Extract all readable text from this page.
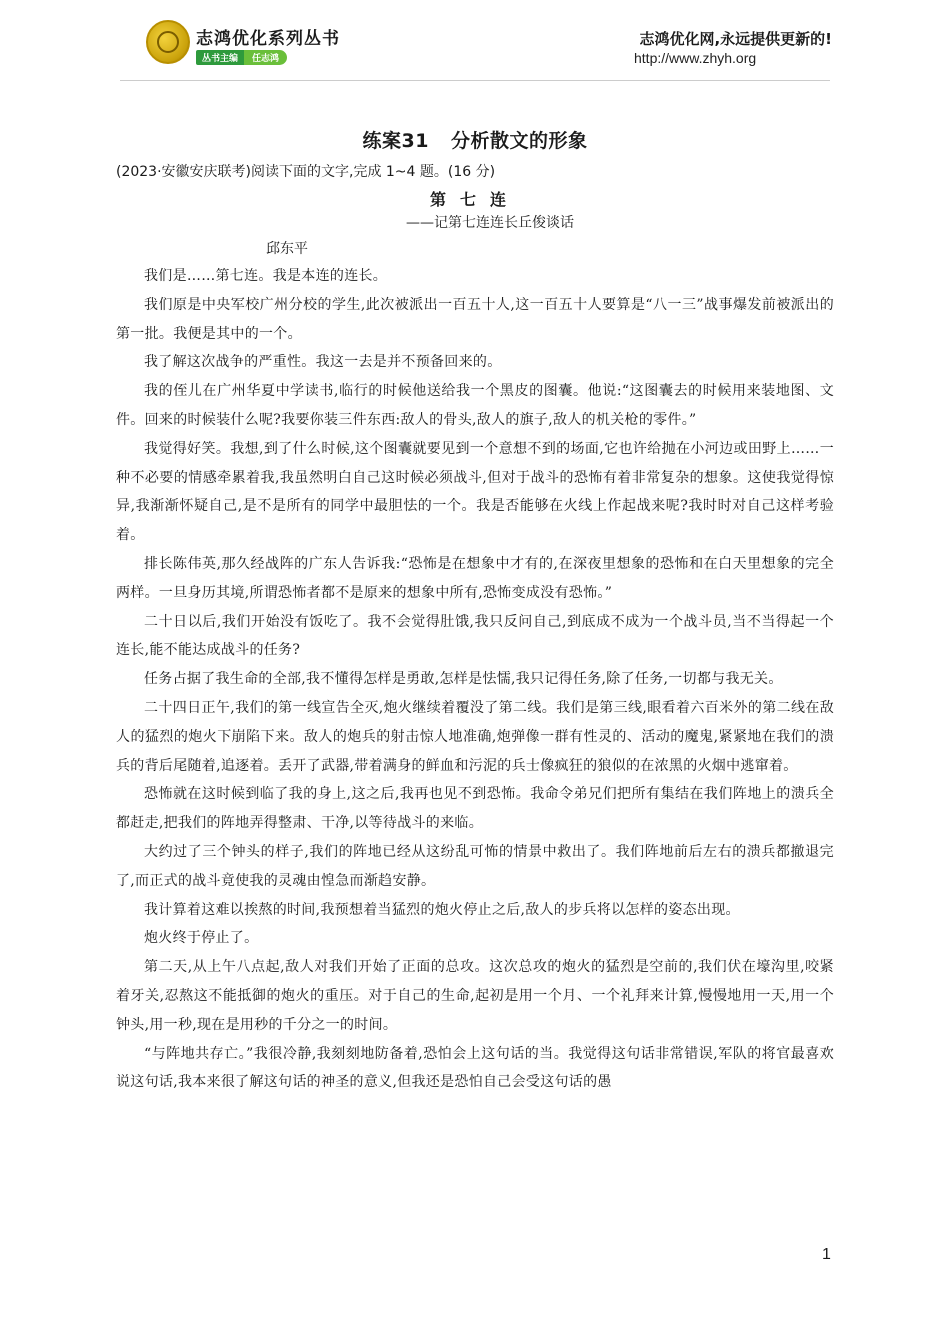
志鸿优化系列丛书
丛书主编	任志鸿
志鸿优化网,永远提供更新的!
http://www.zhyh.org
练案31 分析散文的形象

(2023·安徽安庆联考)阅读下面的文字,完成 1~4 题。(16 分)

第七连

——记第七连连长丘俊谈话

邱东平

我们是……第七连。我是本连的连长。

我们原是中央军校广州分校的学生,此次被派出一百五十人,这一百五十人要算是“八一三”战事爆发前被派出的第一批。我便是其中的一个。

我了解这次战争的严重性。我这一去是并不预备回来的。

我的侄儿在广州华夏中学读书,临行的时候他送给我一个黑皮的图囊。他说:“这图囊去的时候用来装地图、文件。回来的时候装什么呢?我要你装三件东西:敌人的骨头,敌人的旗子,敌人的机关枪的零件。”

我觉得好笑。我想,到了什么时候,这个图囊就要见到一个意想不到的场面,它也许给抛在小河边或田野上……一种不必要的情感牵累着我,我虽然明白自己这时候必须战斗,但对于战斗的恐怖有着非常复杂的想象。这使我觉得惊异,我渐渐怀疑自己,是不是所有的同学中最胆怯的一个。我是否能够在火线上作起战来呢?我时时对自己这样考验着。

排长陈伟英,那久经战阵的广东人告诉我:“恐怖是在想象中才有的,在深夜里想象的恐怖和在白天里想象的完全两样。一旦身历其境,所谓恐怖者都不是原来的想象中所有,恐怖变成没有恐怖。”

二十日以后,我们开始没有饭吃了。我不会觉得肚饿,我只反问自己,到底成不成为一个战斗员,当不当得起一个连长,能不能达成战斗的任务?

任务占据了我生命的全部,我不懂得怎样是勇敢,怎样是怯懦,我只记得任务,除了任务,一切都与我无关。

二十四日正午,我们的第一线宣告全灭,炮火继续着覆没了第二线。我们是第三线,眼看着六百米外的第二线在敌人的猛烈的炮火下崩陷下来。敌人的炮兵的射击惊人地准确,炮弹像一群有性灵的、活动的魔鬼,紧紧地在我们的溃兵的背后尾随着,追逐着。丢开了武器,带着满身的鲜血和污泥的兵士像疯狂的狼似的在浓黑的火烟中逃窜着。

恐怖就在这时候到临了我的身上,这之后,我再也见不到恐怖。我命令弟兄们把所有集结在我们阵地上的溃兵全都赶走,把我们的阵地弄得整肃、干净,以等待战斗的来临。

大约过了三个钟头的样子,我们的阵地已经从这纷乱可怖的情景中救出了。我们阵地前后左右的溃兵都撤退完了,而正式的战斗竟使我的灵魂由惶急而渐趋安静。

我计算着这难以挨熬的时间,我预想着当猛烈的炮火停止之后,敌人的步兵将以怎样的姿态出现。

炮火终于停止了。

第二天,从上午八点起,敌人对我们开始了正面的总攻。这次总攻的炮火的猛烈是空前的,我们伏在壕沟里,咬紧着牙关,忍熬这不能抵御的炮火的重压。对于自己的生命,起初是用一个月、一个礼拜来计算,慢慢地用一天,用一个钟头,用一秒,现在是用秒的千分之一的时间。

“与阵地共存亡。”我很冷静,我刻刻地防备着,恐怕会上这句话的当。我觉得这句话非常错误,军队的将官最喜欢说这句话,我本来很了解这句话的神圣的意义,但我还是恐怕自己会受这句话的愚

1
